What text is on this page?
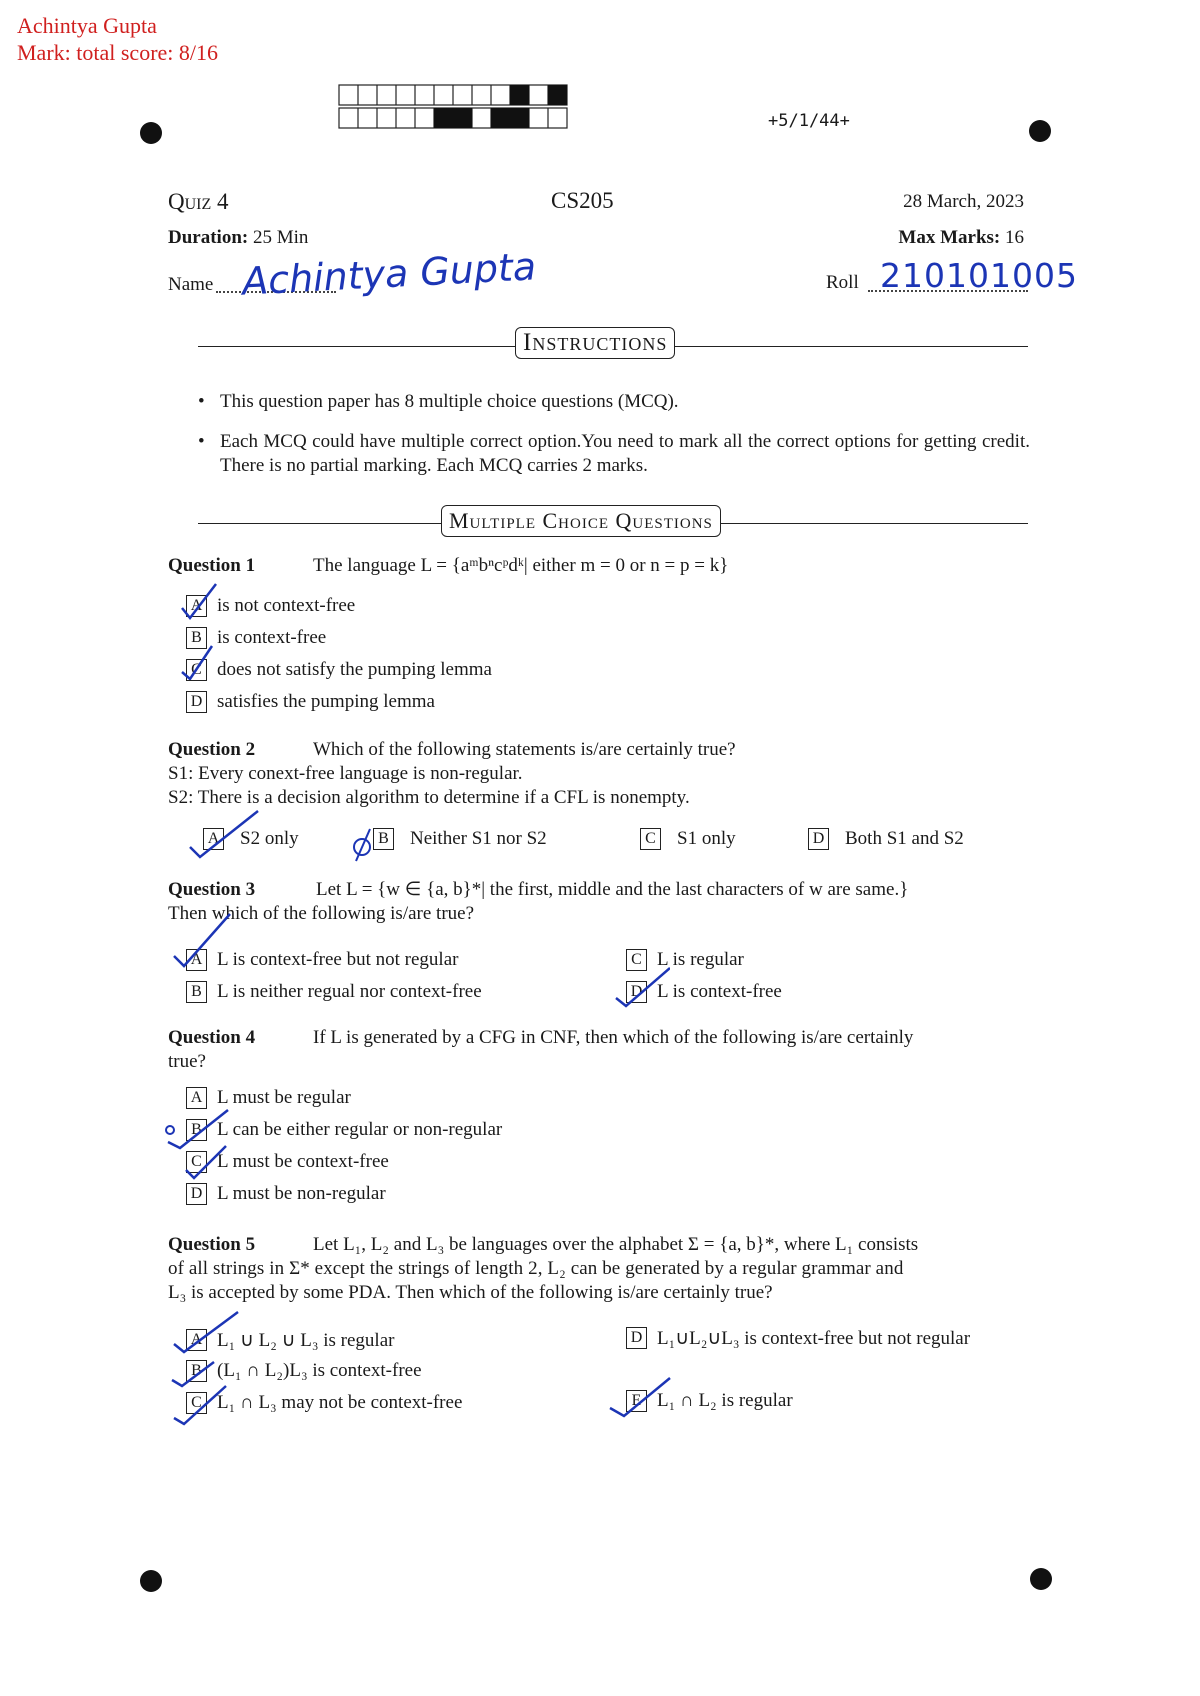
Achintya Gupta
Mark: total score: 8/16
+5/1/44+
Quiz 4	CS205	28 March, 2023
Duration: 25 Min	Max Marks: 16
Name Achintya Gupta	Roll 210101005
Instructions
• This question paper has 8 multiple choice questions (MCQ).
• Each MCQ could have multiple correct option.You need to mark all the correct options for getting credit. There is no partial marking. Each MCQ carries 2 marks.
Multiple Choice Questions
Question 1	The language L = {aᵐbⁿcᵖdᵏ| either m = 0 or n = p = k}
A is not context-free
B is context-free
C does not satisfy the pumping lemma
D satisfies the pumping lemma
Question 2	Which of the following statements is/are certainly true?
S1: Every conext-free language is non-regular.
S2: There is a decision algorithm to determine if a CFL is nonempty.
A S2 only	B Neither S1 nor S2	C S1 only	D Both S1 and S2
Question 3	Let L = {w ∈ {a, b}*| the first, middle and the last characters of w are same.}
Then which of the following is/are true?
A L is context-free but not regular
B L is neither regual nor context-free
C L is regular
D L is context-free
Question 4	If L is generated by a CFG in CNF, then which of the following is/are certainly
true?
A L must be regular
B L can be either regular or non-regular
C L must be context-free
D L must be non-regular
Question 5	Let L₁, L₂ and L₃ be languages over the alphabet Σ = {a, b}*, where L₁ consists
of all strings in Σ* except the strings of length 2, L₂ can be generated by a regular grammar and
L₃ is accepted by some PDA. Then which of the following is/are certainly true?
A L₁ ∪ L₂ ∪ L₃ is regular
B (L₁ ∩ L₂)L₃ is context-free
C L₁ ∩ L₃ may not be context-free
D L₁∪L₂∪L₃ is context-free but not regular
E L₁ ∩ L₂ is regular
